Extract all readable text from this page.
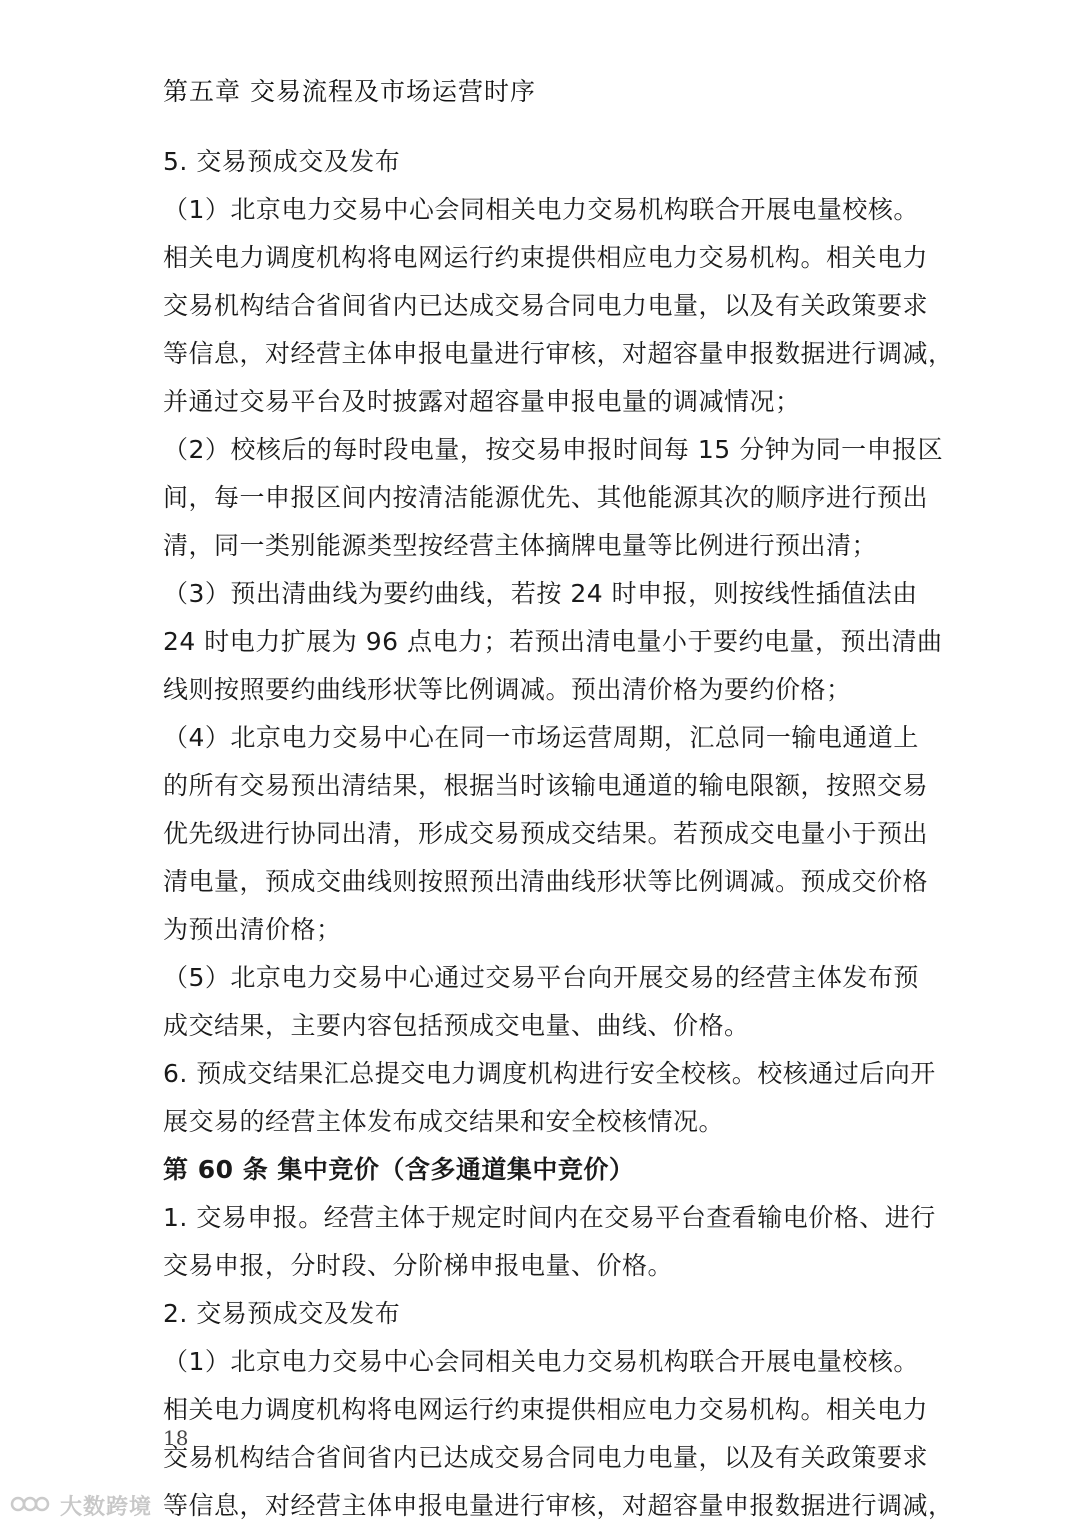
第五章 交易流程及市场运营时序
5. 交易预成交及发布
（1）北京电力交易中心会同相关电力交易机构联合开展电量校核。
相关电力调度机构将电网运行约束提供相应电力交易机构。相关电力
交易机构结合省间省内已达成交易合同电力电量，以及有关政策要求
等信息，对经营主体申报电量进行审核，对超容量申报数据进行调减，
并通过交易平台及时披露对超容量申报电量的调减情况；
（2）校核后的每时段电量，按交易申报时间每 15 分钟为同一申报区
间，每一申报区间内按清洁能源优先、其他能源其次的顺序进行预出
清，同一类别能源类型按经营主体摘牌电量等比例进行预出清；
（3）预出清曲线为要约曲线，若按 24 时申报，则按线性插值法由
24 时电力扩展为 96 点电力；若预出清电量小于要约电量，预出清曲
线则按照要约曲线形状等比例调减。预出清价格为要约价格；
（4）北京电力交易中心在同一市场运营周期，汇总同一输电通道上
的所有交易预出清结果，根据当时该输电通道的输电限额，按照交易
优先级进行协同出清，形成交易预成交结果。若预成交电量小于预出
清电量，预成交曲线则按照预出清曲线形状等比例调减。预成交价格
为预出清价格；
（5）北京电力交易中心通过交易平台向开展交易的经营主体发布预
成交结果，主要内容包括预成交电量、曲线、价格。
6. 预成交结果汇总提交电力调度机构进行安全校核。校核通过后向开
展交易的经营主体发布成交结果和安全校核情况。
第 60 条 集中竞价（含多通道集中竞价）
1. 交易申报。经营主体于规定时间内在交易平台查看输电价格、进行
交易申报，分时段、分阶梯申报电量、价格。
2. 交易预成交及发布
（1）北京电力交易中心会同相关电力交易机构联合开展电量校核。
相关电力调度机构将电网运行约束提供相应电力交易机构。相关电力
交易机构结合省间省内已达成交易合同电力电量，以及有关政策要求
等信息，对经营主体申报电量进行审核，对超容量申报数据进行调减，
18
大数跨境
